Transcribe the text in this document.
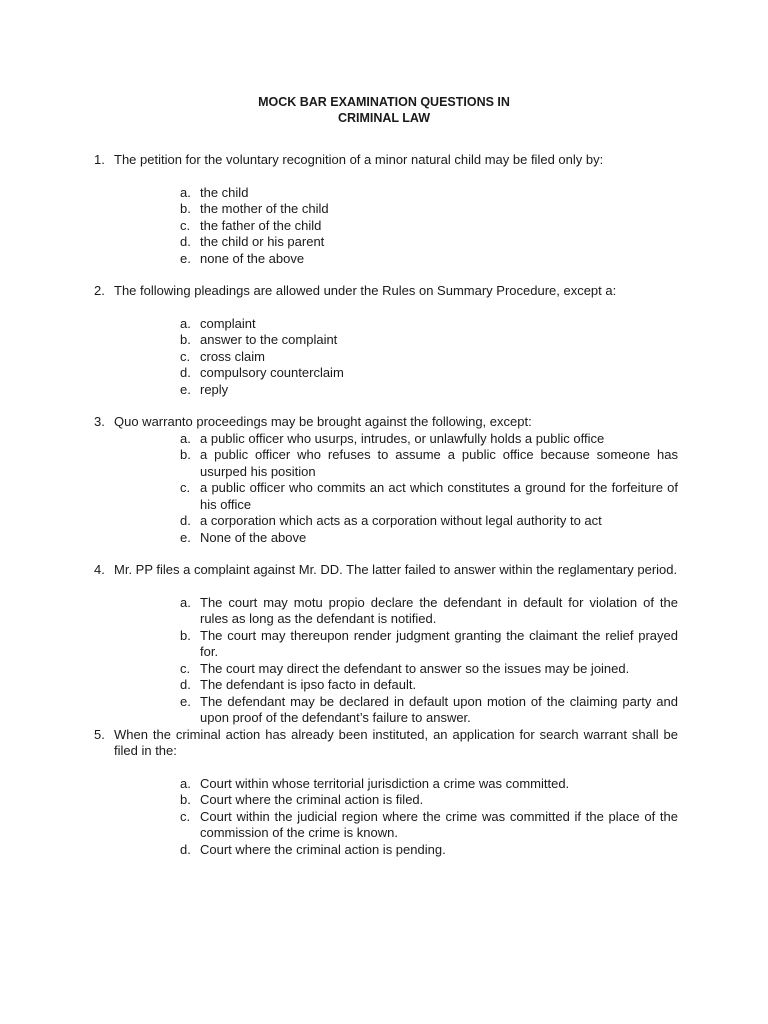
MOCK BAR EXAMINATION QUESTIONS IN
CRIMINAL LAW
1. The petition for the voluntary recognition of a minor natural child may be filed only by:
a. the child
b. the mother of the child
c. the father of the child
d. the child or his parent
e. none of the above
2. The following pleadings are allowed under the Rules on Summary Procedure, except a:
a. complaint
b. answer to the complaint
c. cross claim
d. compulsory counterclaim
e. reply
3. Quo warranto proceedings may be brought against the following, except:
a. a public officer who usurps, intrudes, or unlawfully holds a public office
b. a public officer who refuses to assume a public office because someone has usurped his position
c. a public officer who commits an act which constitutes a ground for the forfeiture of his office
d. a corporation which acts as a corporation without legal authority to act
e. None of the above
4. Mr. PP files a complaint against Mr. DD. The latter failed to answer within the reglamentary period.
a. The court may motu propio declare the defendant in default for violation of the rules as long as the defendant is notified.
b. The court may thereupon render judgment granting the claimant the relief prayed for.
c. The court may direct the defendant to answer so the issues may be joined.
d. The defendant is ipso facto in default.
e. The defendant may be declared in default upon motion of the claiming party and upon proof of the defendant’s failure to answer.
5. When the criminal action has already been instituted, an application for search warrant shall be filed in the:
a. Court within whose territorial jurisdiction a crime was committed.
b. Court where the criminal action is filed.
c. Court within the judicial region where the crime was committed if the place of the commission of the crime is known.
d. Court where the criminal action is pending.
